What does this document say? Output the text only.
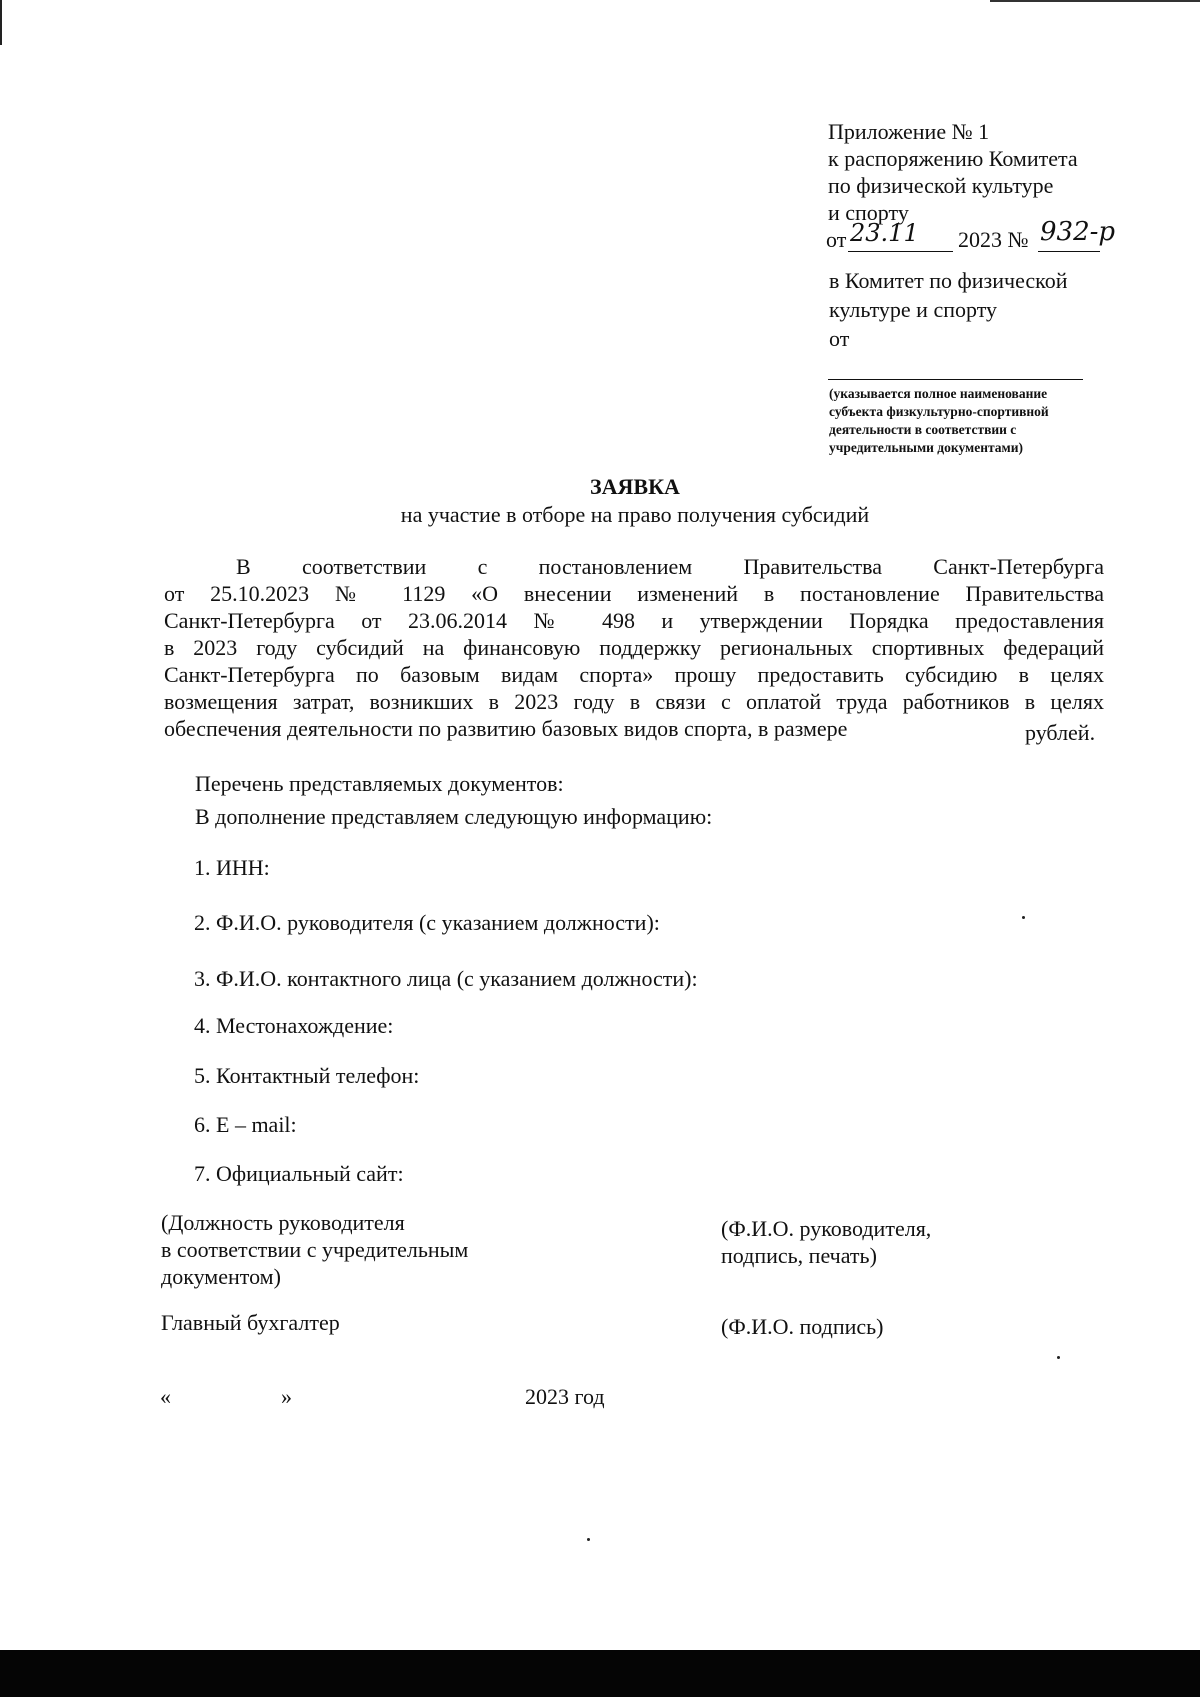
Приложение № 1
к распоряжению Комитета
по физической культуре
и спорту
от 23.11 2023 № 932-р
в Комитет по физической
культуре и спорту
от
(указывается полное наименование
субъекта физкультурно-спортивной
деятельности в соответствии с
учредительными документами)
ЗАЯВКА
на участие в отборе на право получения субсидий
В соответствии с постановлением Правительства Санкт-Петербурга
от 25.10.2023 № 1129 «О внесении изменений в постановление Правительства
Санкт-Петербурга от 23.06.2014 № 498 и утверждении Порядка предоставления
в 2023 году субсидий на финансовую поддержку региональных спортивных федераций
Санкт-Петербурга по базовым видам спорта» прошу предоставить субсидию в целях
возмещения затрат, возникших в 2023 году в связи с оплатой труда работников в целях
обеспечения деятельности по развитию базовых видов спорта, в размере	рублей.
Перечень представляемых документов:
В дополнение представляем следующую информацию:
1. ИНН:
2. Ф.И.О. руководителя (с указанием должности):
3. Ф.И.О. контактного лица (с указанием должности):
4. Местонахождение:
5. Контактный телефон:
6. E – mail:
7. Официальный сайт:
(Должность руководителя
в соответствии с учредительным
документом)
(Ф.И.О. руководителя,
подпись, печать)
Главный бухгалтер	(Ф.И.О. подпись)
«	»	2023 год
